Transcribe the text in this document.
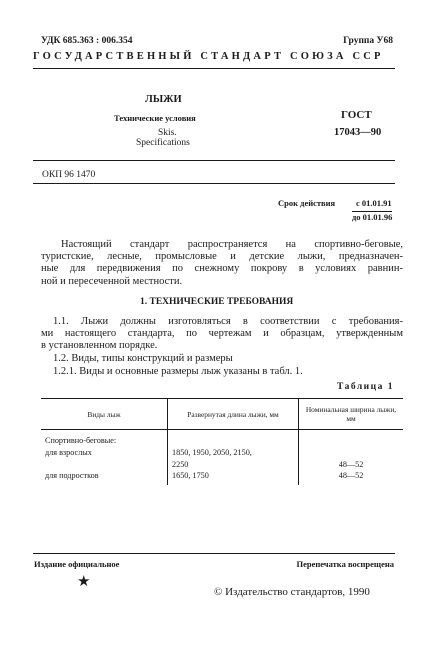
УДК 685.363 : 006.354	Группа У68
ГОСУДАРСТВЕННЫЙ СТАНДАРТ СОЮЗА ССР
ЛЫЖИ
Технические условия
Skis.
Specifications
ГОСТ
17043—90
ОКП 96 1470
Срок действия с 01.01.91
до 01.01.96
Настоящий стандарт распространяется на спортивно-беговые,
туристские, лесные, промысловые и детские лыжи, предназначен-
ные для передвижения по снежному покрову в условиях равнин-
ной и пересеченной местности.
1. ТЕХНИЧЕСКИЕ ТРЕБОВАНИЯ
1.1. Лыжи должны изготовляться в соответствии с требования-
ми настоящего стандарта, по чертежам и образцам, утвержденным
в установленном порядке.
1.2. Виды, типы конструкций и размеры
1.2.1. Виды и основные размеры лыж указаны в табл. 1.
Таблица 1
Виды лыж	Развернутая длина лыжи, мм	Номинальная ширина лыжи, мм
Спортивно-беговые:		
для взрослых	1850, 1950, 2050, 2150,	
	2250	48—52
для подростков	1650, 1750	48—52
Издание официальное	Перепечатка воспрещена
★
© Издательство стандартов, 1990
